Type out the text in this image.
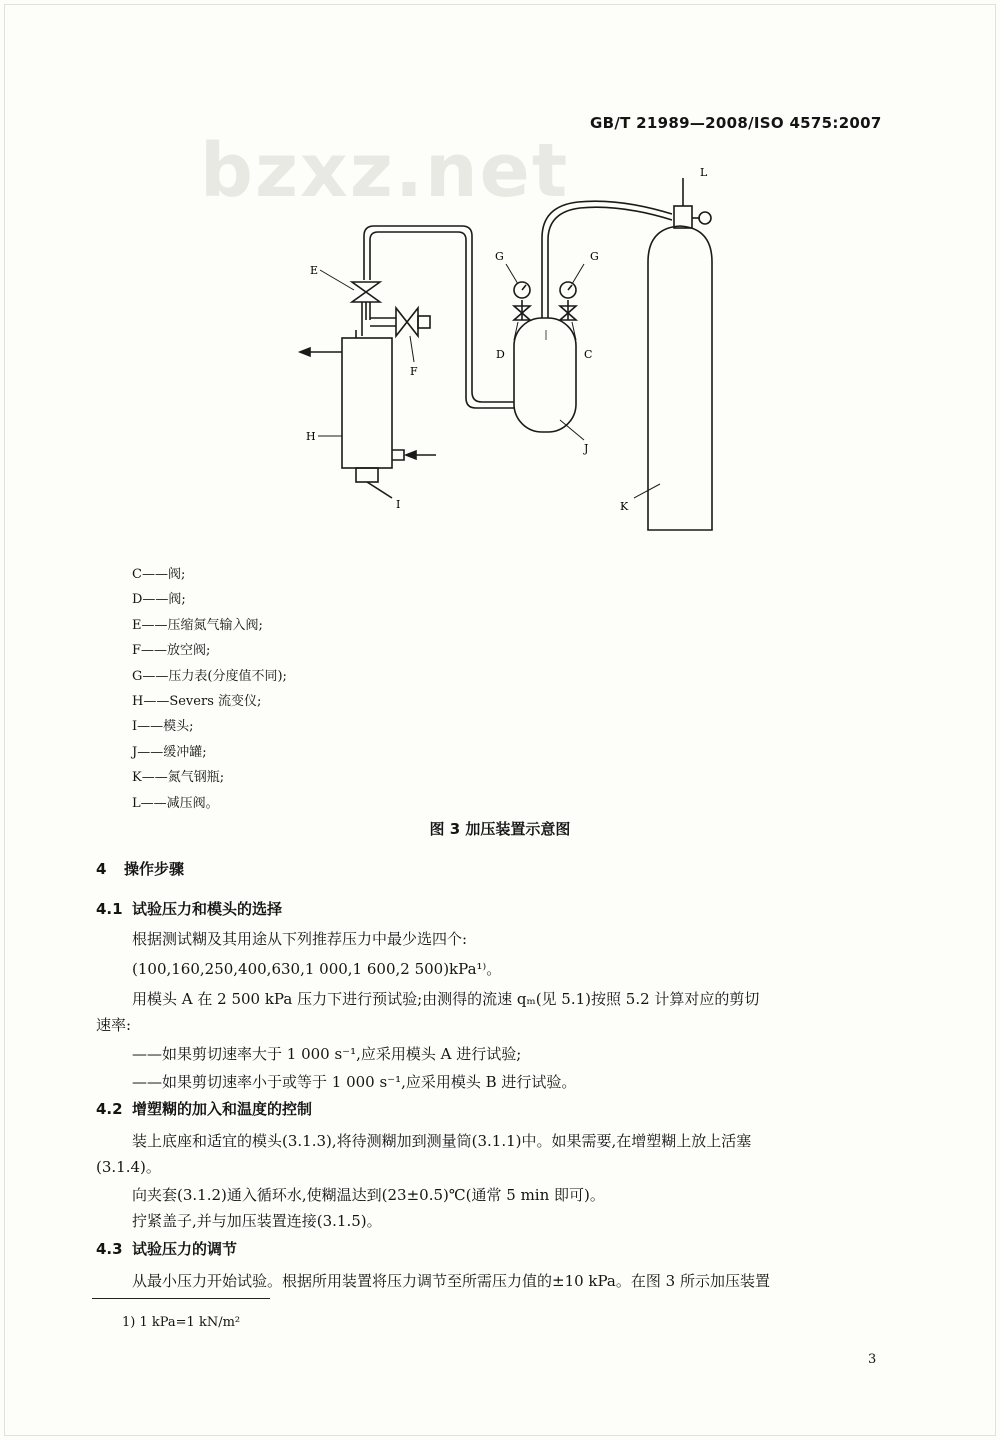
GB/T 21989—2008/ISO 4575:2007
bzxz.net
E
F
G	G
D	C
H
I
J
K
L
C——阀;
D——阀;
E——压缩氮气输入阀;
F——放空阀;
G——压力表(分度值不同);
H——Severs 流变仪;
I——模头;
J——缓冲罐;
K——氮气钢瓶;
L——减压阀。
图 3 加压装置示意图
4 操作步骤
4.1 试验压力和模头的选择
根据测试糊及其用途从下列推荐压力中最少选四个:
(100,160,250,400,630,1 000,1 600,2 500)kPa¹⁾。
用模头 A 在 2 500 kPa 压力下进行预试验;由测得的流速 qₘ(见 5.1)按照 5.2 计算对应的剪切
速率:
——如果剪切速率大于 1 000 s⁻¹,应采用模头 A 进行试验;
——如果剪切速率小于或等于 1 000 s⁻¹,应采用模头 B 进行试验。
4.2 增塑糊的加入和温度的控制
装上底座和适宜的模头(3.1.3),将待测糊加到测量筒(3.1.1)中。如果需要,在增塑糊上放上活塞
(3.1.4)。
向夹套(3.1.2)通入循环水,使糊温达到(23±0.5)℃(通常 5 min 即可)。
拧紧盖子,并与加压装置连接(3.1.5)。
4.3 试验压力的调节
从最小压力开始试验。根据所用装置将压力调节至所需压力值的±10 kPa。在图 3 所示加压装置
1) 1 kPa=1 kN/m²
3
